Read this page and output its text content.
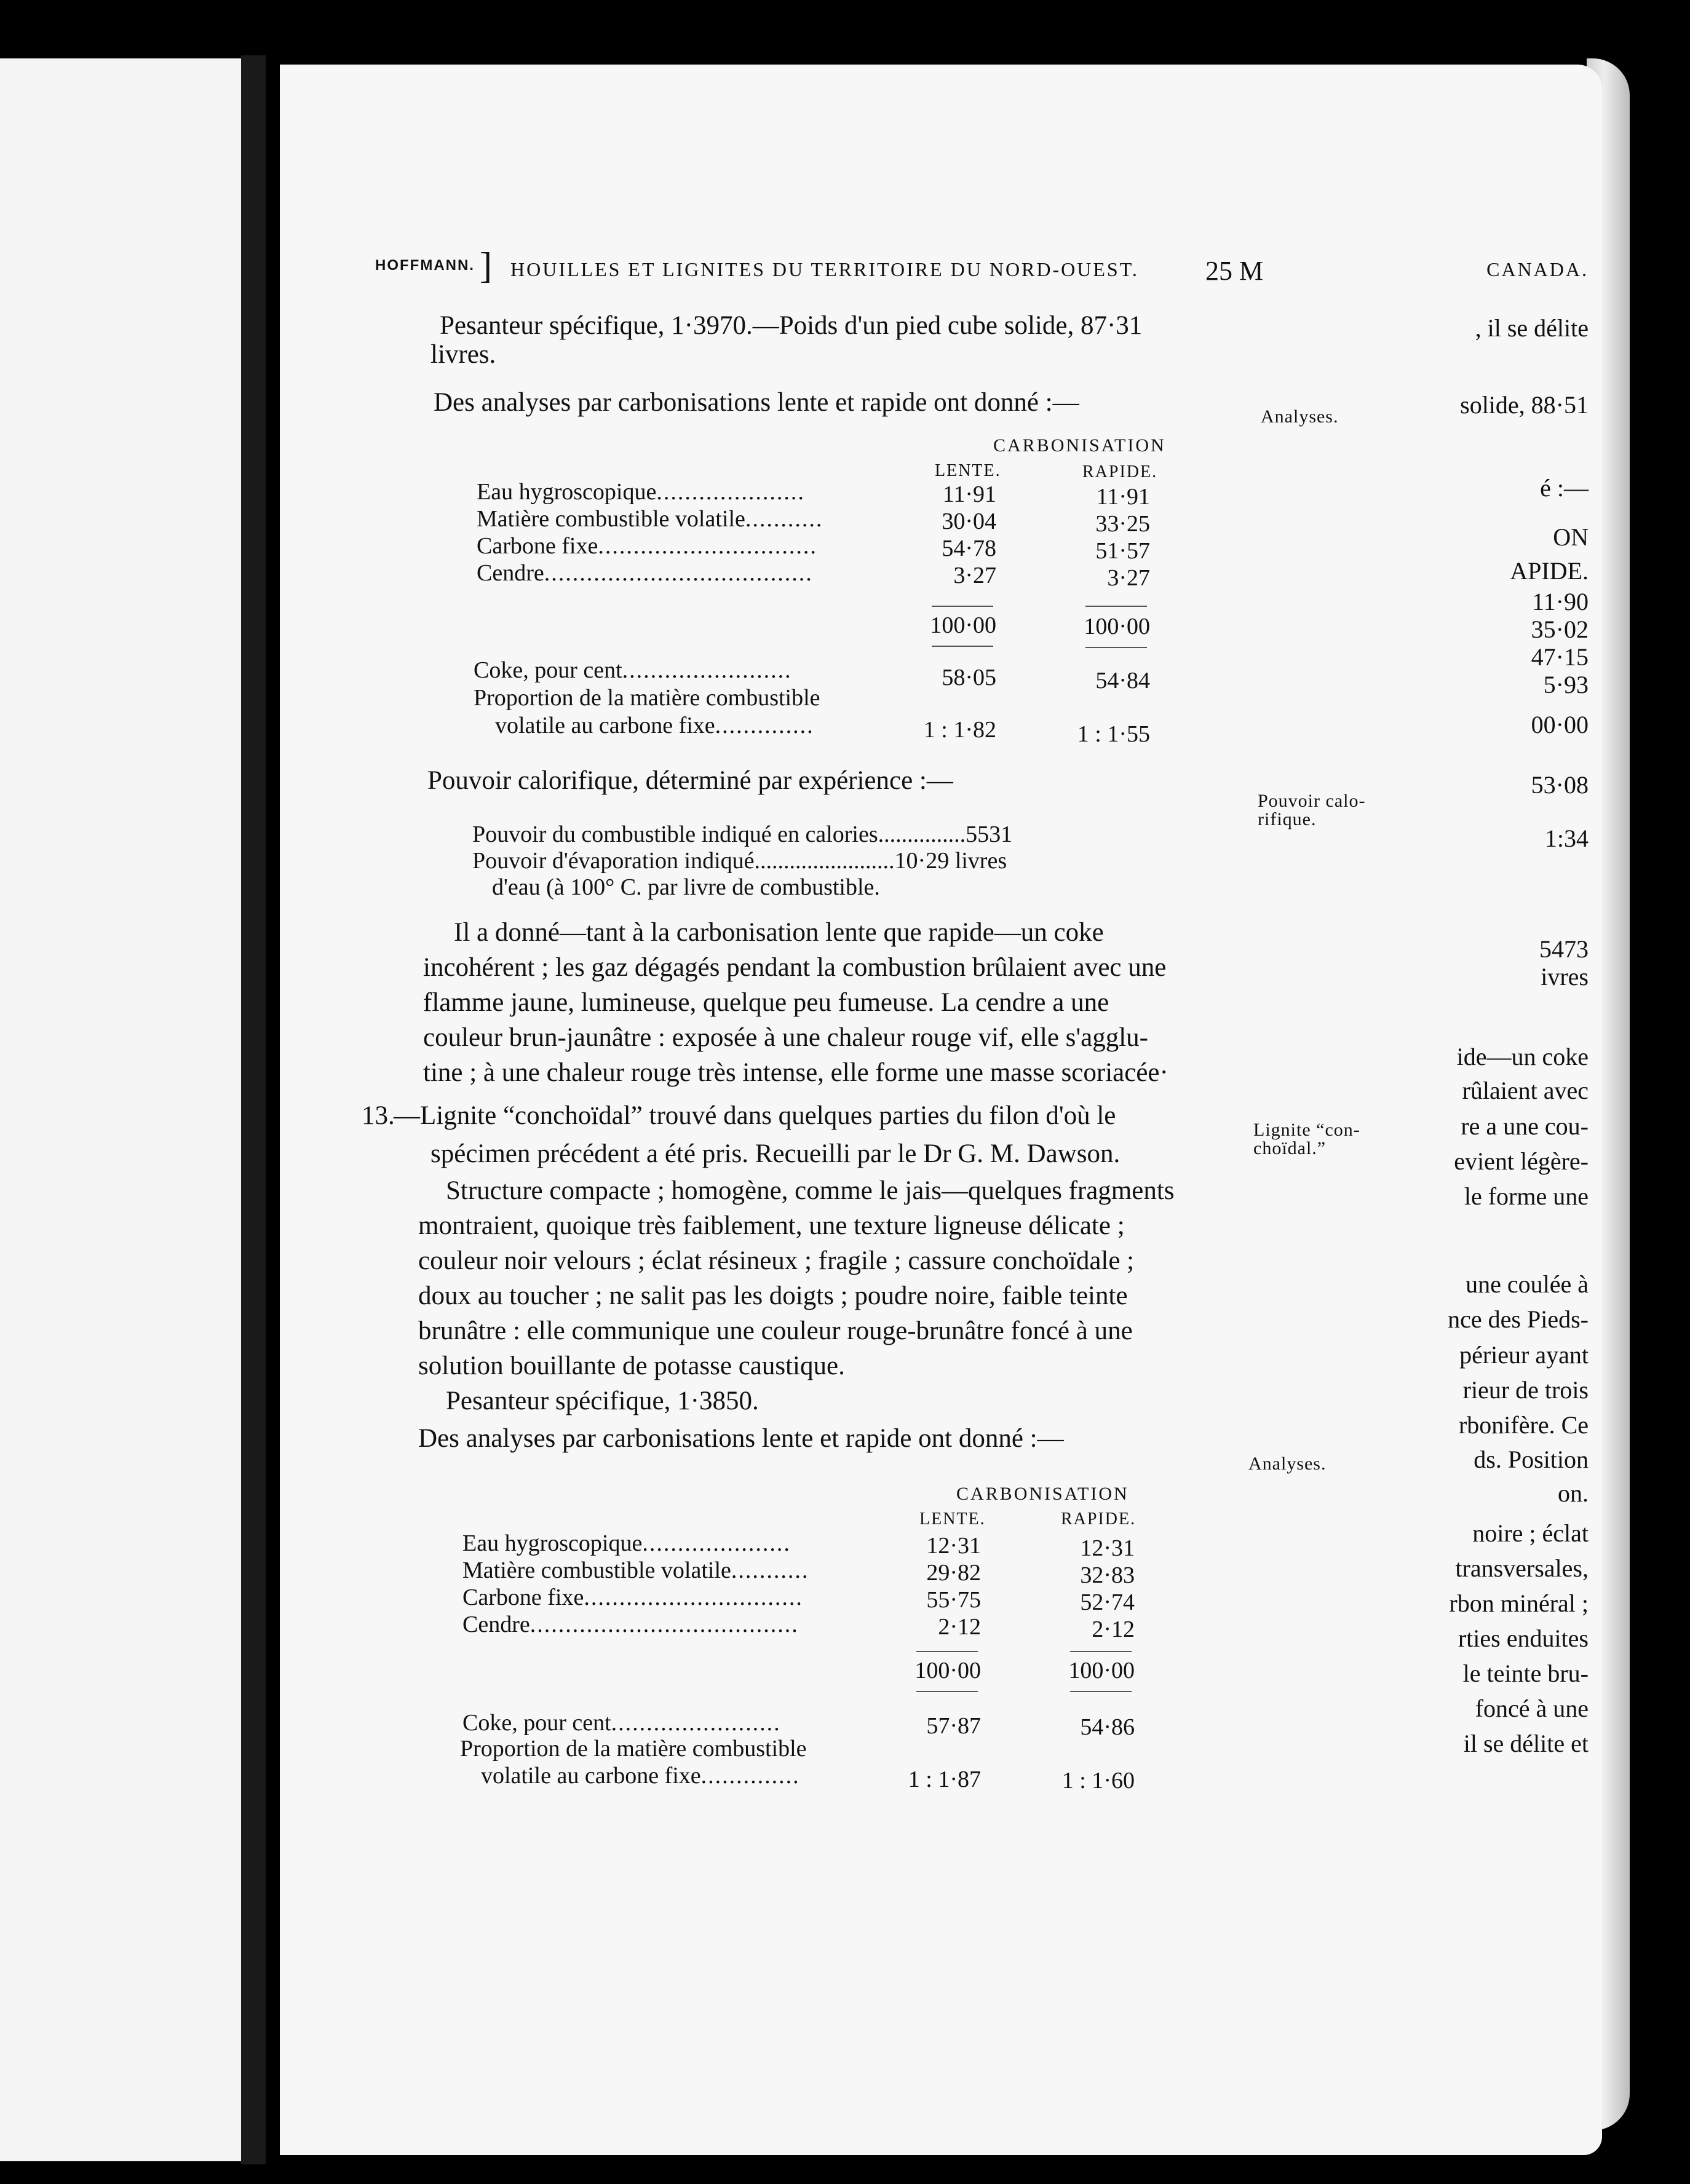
CANADA.
, il se délite
solide, 88·51
é :—
ON
APIDE.
11·90
35·02
47·15
5·93
00·00
53·08
1:34
5473
ivres
ide—un coke
rûlaient avec
re a une cou-
evient légère-
le forme une
une coulée à
nce des Pieds-
périeur ayant
rieur de trois
rbonifère. Ce
ds. Position
on.
noire ; éclat
transversales,
rbon minéral ;
rties enduites
le teinte bru-
foncé à une
il se délite et
HOFFMANN. ] HOUILLES ET LIGNITES DU TERRITOIRE DU NORD-OUEST. 25 M
Pesanteur spécifique, 1·3970.—Poids d'un pied cube solide, 87·31
livres.
Des analyses par carbonisations lente et rapide ont donné :—	Analyses.
CARBONISATION
LENTE.	RAPIDE.
Eau hygroscopique.....................	11·91	11·91
Matière combustible volatile...........	30·04	33·25
Carbone fixe...............................	54·78	51·57
Cendre......................................	3·27	3·27
100·00	100·00
Coke, pour cent........................	58·05	54·84
Proportion de la matière combustible
volatile au carbone fixe..............	1 : 1·82	1 : 1·55
Pouvoir calorifique, déterminé par expérience :—
Pouvoir calo-
rifique.
Pouvoir du combustible indiqué en calories...............5531
Pouvoir d'évaporation indiqué........................10·29 livres
d'eau (à 100° C. par livre de combustible.
Il a donné—tant à la carbonisation lente que rapide—un coke
incohérent ; les gaz dégagés pendant la combustion brûlaient avec une
flamme jaune, lumineuse, quelque peu fumeuse. La cendre a une
couleur brun-jaunâtre : exposée à une chaleur rouge vif, elle s'agglu-
tine ; à une chaleur rouge très intense, elle forme une masse scoriacée·
13.
—Lignite “conchoïdal” trouvé dans quelques parties du filon d'où le
spécimen précédent a été pris. Recueilli par le Dr G. M. Dawson.
Lignite “con-
choïdal.”
Structure compacte ; homogène, comme le jais—quelques fragments
montraient, quoique très faiblement, une texture ligneuse délicate ;
couleur noir velours ; éclat résineux ; fragile ; cassure conchoïdale ;
doux au toucher ; ne salit pas les doigts ; poudre noire, faible teinte
brunâtre : elle communique une couleur rouge-brunâtre foncé à une
solution bouillante de potasse caustique.
Pesanteur spécifique, 1·3850.
Des analyses par carbonisations lente et rapide ont donné :—
Analyses.
CARBONISATION
LENTE.	RAPIDE.
Eau hygroscopique.....................	12·31	12·31
Matière combustible volatile...........	29·82	32·83
Carbone fixe...............................	55·75	52·74
Cendre......................................	2·12	2·12
100·00	100·00
Coke, pour cent........................	57·87	54·86
Proportion de la matière combustible
volatile au carbone fixe..............	1 : 1·87	1 : 1·60
